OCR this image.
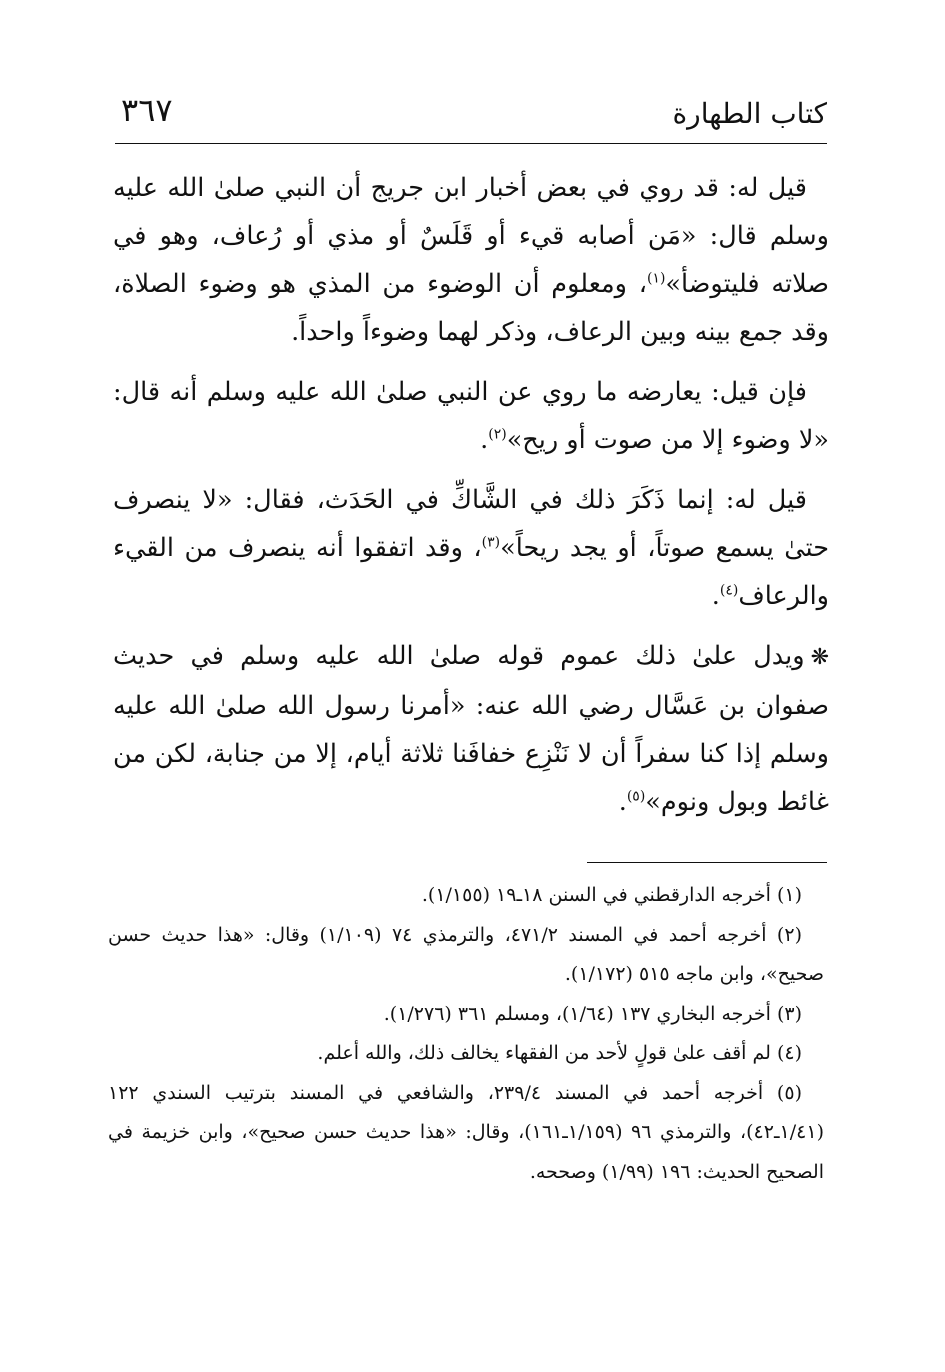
كتاب الطهارة
٣٦٧

قيل له: قد روي في بعض أخبار ابن جريج أن النبي صلىٰ الله عليه وسلم قال: «مَن أصابه قيء أو قَلَسٌ أو مذي أو رُعاف، وهو في صلاته فليتوضأ»$^{(١)}$، ومعلوم أن الوضوء من المذي هو وضوء الصلاة، وقد جمع بينه وبين الرعاف، وذكر لهما وضوءاً واحداً.

فإن قيل: يعارضه ما روي عن النبي صلىٰ الله عليه وسلم أنه قال: «لا وضوء إلا من صوت أو ريح»$^{(٢)}$.

قيل له: إنما ذَكَرَ ذلك في الشَّاكِّ في الحَدَث، فقال: «لا ينصرف حتىٰ يسمع صوتاً، أو يجد ريحاً»$^{(٣)}$، وقد اتفقوا أنه ينصرف من القيء والرعاف$^{(٤)}$.

❋ويدل علىٰ ذلك عموم قوله صلىٰ الله عليه وسلم في حديث صفوان بن عَسَّال رضي الله عنه: «أمرنا رسول الله صلىٰ الله عليه وسلم إذا كنا سفراً أن لا نَنْزِع خفافَنا ثلاثة أيام، إلا من جنابة، لكن من غائط وبول ونوم»$^{(٥)}$.

(١) أخرجه الدارقطني في السنن ١٨ـ١٩ (١/١٥٥).

(٢) أخرجه أحمد في المسند ٤٧١/٢، والترمذي ٧٤ (١/١٠٩) وقال: «هذا حديث حسن صحيح»، وابن ماجه ٥١٥ (١/١٧٢).

(٣) أخرجه البخاري ١٣٧ (١/٦٤)، ومسلم ٣٦١ (١/٢٧٦).

(٤) لم أقف علىٰ قولٍ لأحد من الفقهاء يخالف ذلك، والله أعلم.

(٥) أخرجه أحمد في المسند ٢٣٩/٤، والشافعي في المسند بترتيب السندي ١٢٢ (١/٤١ـ٤٢)، والترمذي ٩٦ (١/١٥٩ـ١٦١)، وقال: «هذا حديث حسن صحيح»، وابن خزيمة في الصحيح الحديث: ١٩٦ (١/٩٩) وصححه.
